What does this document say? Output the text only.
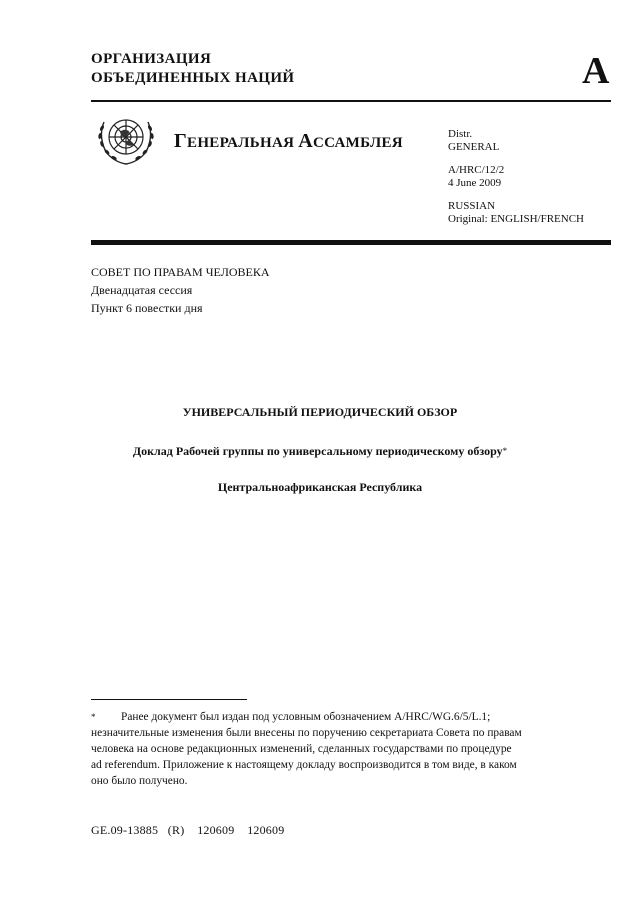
ОРГАНИЗАЦИЯ
ОБЪЕДИНЕННЫХ НАЦИЙ	A
ГЕНЕРАЛЬНАЯ АССАМБЛЕЯ
Distr.
GENERAL
A/HRC/12/2
4 June 2009
RUSSIAN
Original: ENGLISH/FRENCH
СОВЕТ ПО ПРАВАМ ЧЕЛОВЕКА
Двенадцатая сессия
Пункт 6 повестки дня
УНИВЕРСАЛЬНЫЙ ПЕРИОДИЧЕСКИЙ ОБЗОР
Доклад Рабочей группы по универсальному периодическому обзору*
Центральноафриканская Республика
* Ранее документ был издан под условным обозначением A/HRC/WG.6/5/L.1;
незначительные изменения были внесены по поручению секретариата Совета по правам
человека на основе редакционных изменений, сделанных государствами по процедуре
ad referendum. Приложение к настоящему докладу воспроизводится в том виде, в каком
оно было получено.
GE.09-13885   (R)    120609    120609
